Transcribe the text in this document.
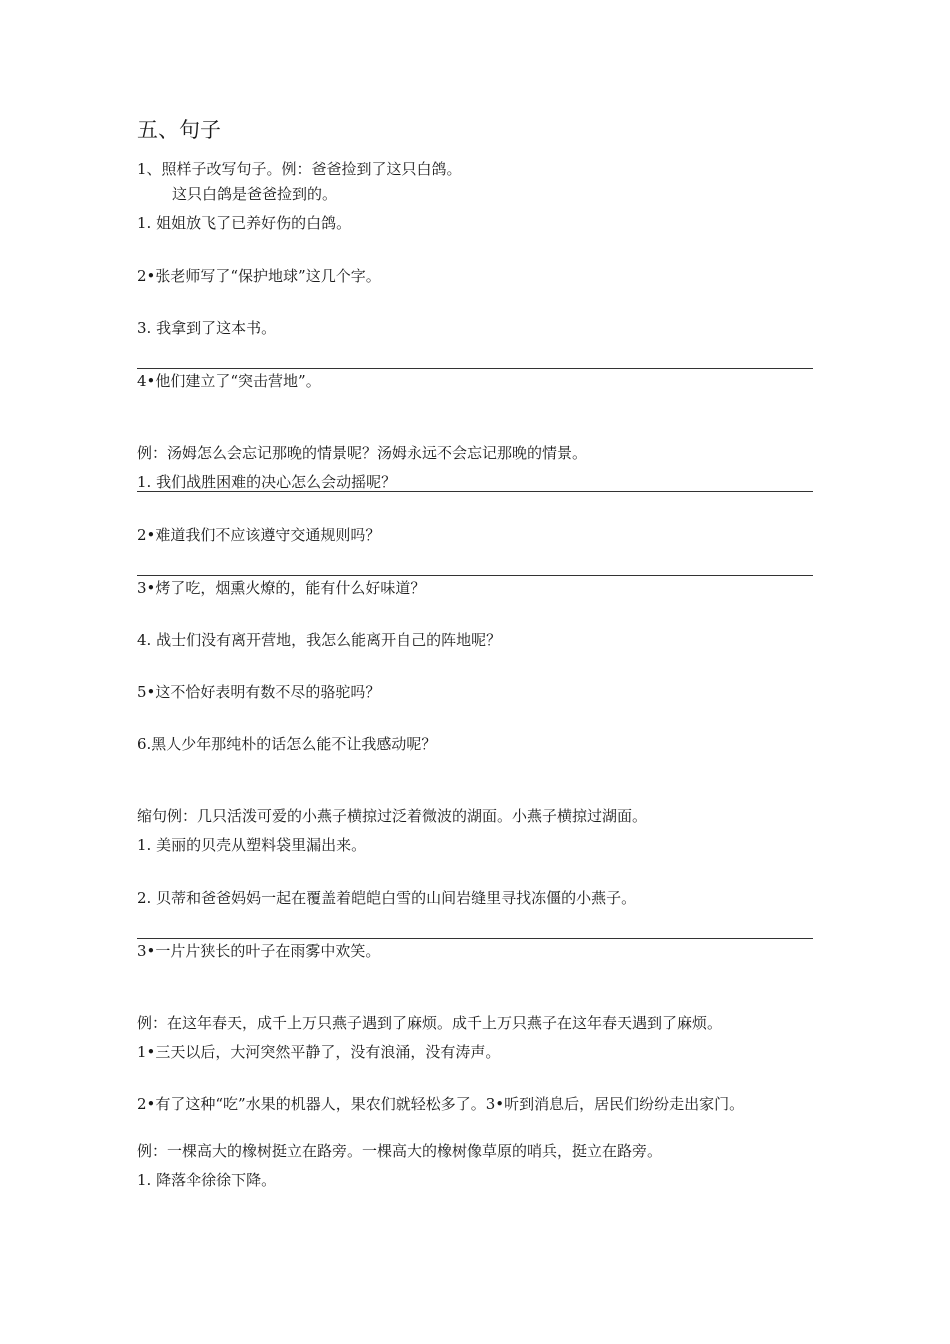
五、句子
1、照样子改写句子。例：爸爸捡到了这只白鸽。
这只白鸽是爸爸捡到的。
1. 姐姐放飞了已养好伤的白鸽。
2•张老师写了“保护地球”这几个字。
3. 我拿到了这本书。
4•他们建立了“突击营地”。
例：汤姆怎么会忘记那晚的情景呢？汤姆永远不会忘记那晚的情景。
1. 我们战胜困难的决心怎么会动摇呢？
2•难道我们不应该遵守交通规则吗？
3•烤了吃，烟熏火燎的，能有什么好味道？
4. 战士们没有离开营地，我怎么能离开自己的阵地呢？
5•这不恰好表明有数不尽的骆驼吗？
6.黑人少年那纯朴的话怎么能不让我感动呢？
缩句例：几只活泼可爱的小燕子横掠过泛着微波的湖面。小燕子横掠过湖面。
1. 美丽的贝壳从塑料袋里漏出来。
2. 贝蒂和爸爸妈妈一起在覆盖着皑皑白雪的山间岩缝里寻找冻僵的小燕子。
3•一片片狭长的叶子在雨雾中欢笑。
例：在这年春天，成千上万只燕子遇到了麻烦。成千上万只燕子在这年春天遇到了麻烦。
1•三天以后，大河突然平静了，没有浪涌，没有涛声。
2•有了这种“吃”水果的机器人，果农们就轻松多了。3•听到消息后，居民们纷纷走出家门。
例：一棵高大的橡树挺立在路旁。一棵高大的橡树像草原的哨兵，挺立在路旁。
1. 降落伞徐徐下降。
